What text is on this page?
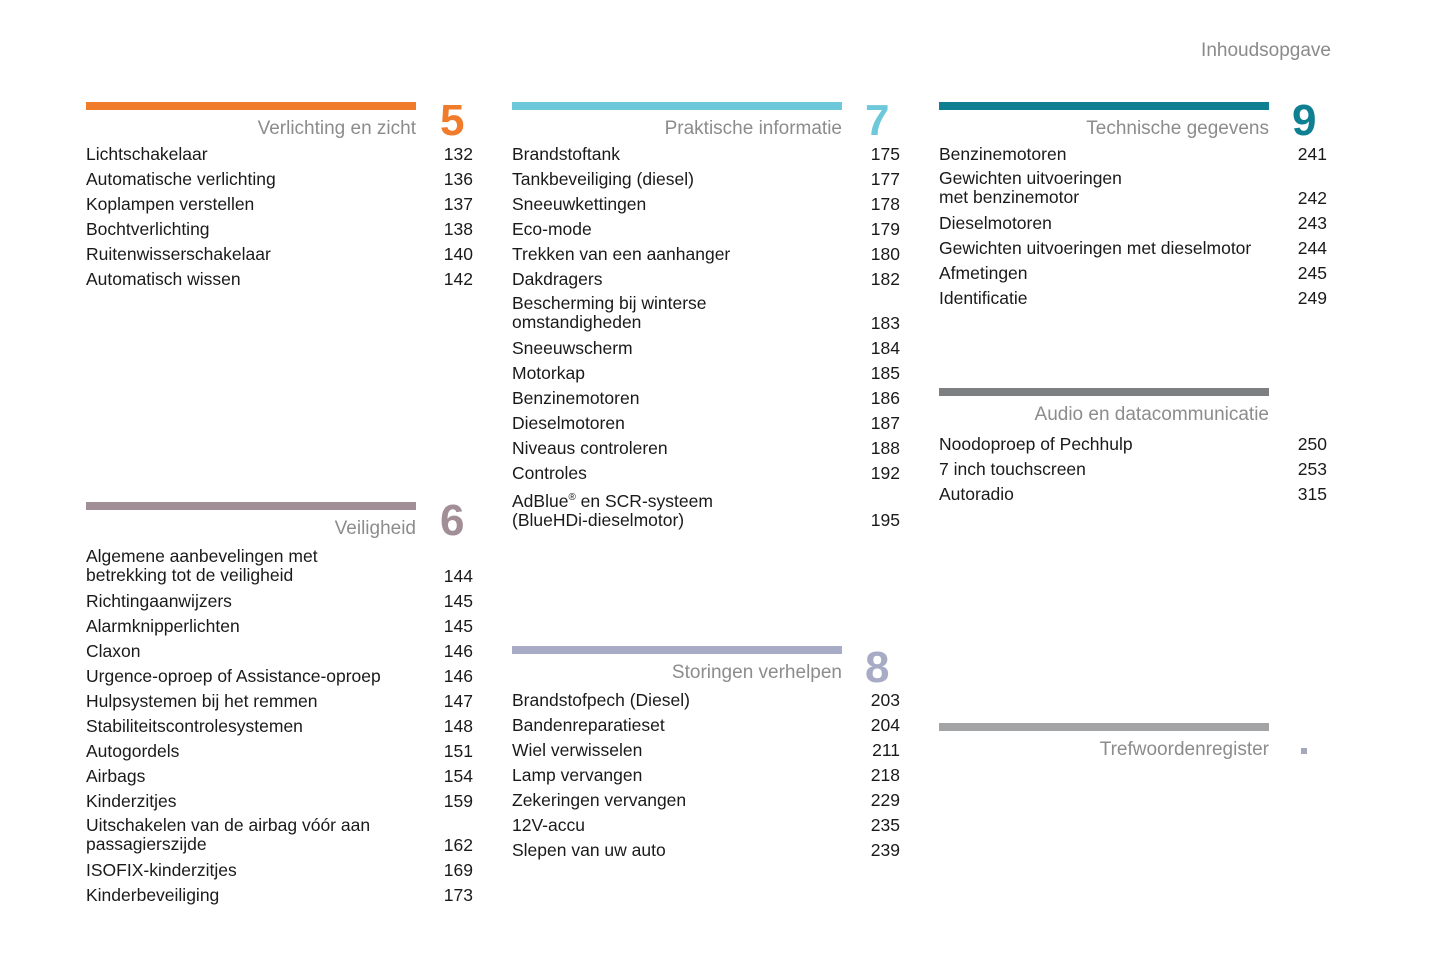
Inhoudsopgave
5
Verlichting en zicht
Lichtschakelaar	132
Automatische verlichting	136
Koplampen verstellen	137
Bochtverlichting	138
Ruitenwisserschakelaar	140
Automatisch wissen	142
6
Veiligheid
Algemene aanbevelingen met
betrekking tot de veiligheid	144
Richtingaanwijzers	145
Alarmknipperlichten	145
Claxon	146
Urgence-oproep of Assistance-oproep	146
Hulpsystemen bij het remmen	147
Stabiliteitscontrolesystemen	148
Autogordels	151
Airbags	154
Kinderzitjes	159
Uitschakelen van de airbag vóór aan
passagierszijde	162
ISOFIX-kinderzitjes	169
Kinderbeveiliging	173
7
Praktische informatie
Brandstoftank	175
Tankbeveiliging (diesel)	177
Sneeuwkettingen	178
Eco-mode	179
Trekken van een aanhanger	180
Dakdragers	182
Bescherming bij winterse
omstandigheden	183
Sneeuwscherm	184
Motorkap	185
Benzinemotoren	186
Dieselmotoren	187
Niveaus controleren	188
Controles	192
AdBlue® en SCR-systeem
(BlueHDi-dieselmotor)	195
8
Storingen verhelpen
Brandstofpech (Diesel)	203
Bandenreparatieset	204
Wiel verwisselen	211
Lamp vervangen	218
Zekeringen vervangen	229
12V-accu	235
Slepen van uw auto	239
9
Technische gegevens
Benzinemotoren	241
Gewichten uitvoeringen
met benzinemotor	242
Dieselmotoren	243
Gewichten uitvoeringen met dieselmotor	244
Afmetingen	245
Identificatie	249
Audio en datacommunicatie
Noodoproep of Pechhulp	250
7 inch touchscreen	253
Autoradio	315
Trefwoordenregister
